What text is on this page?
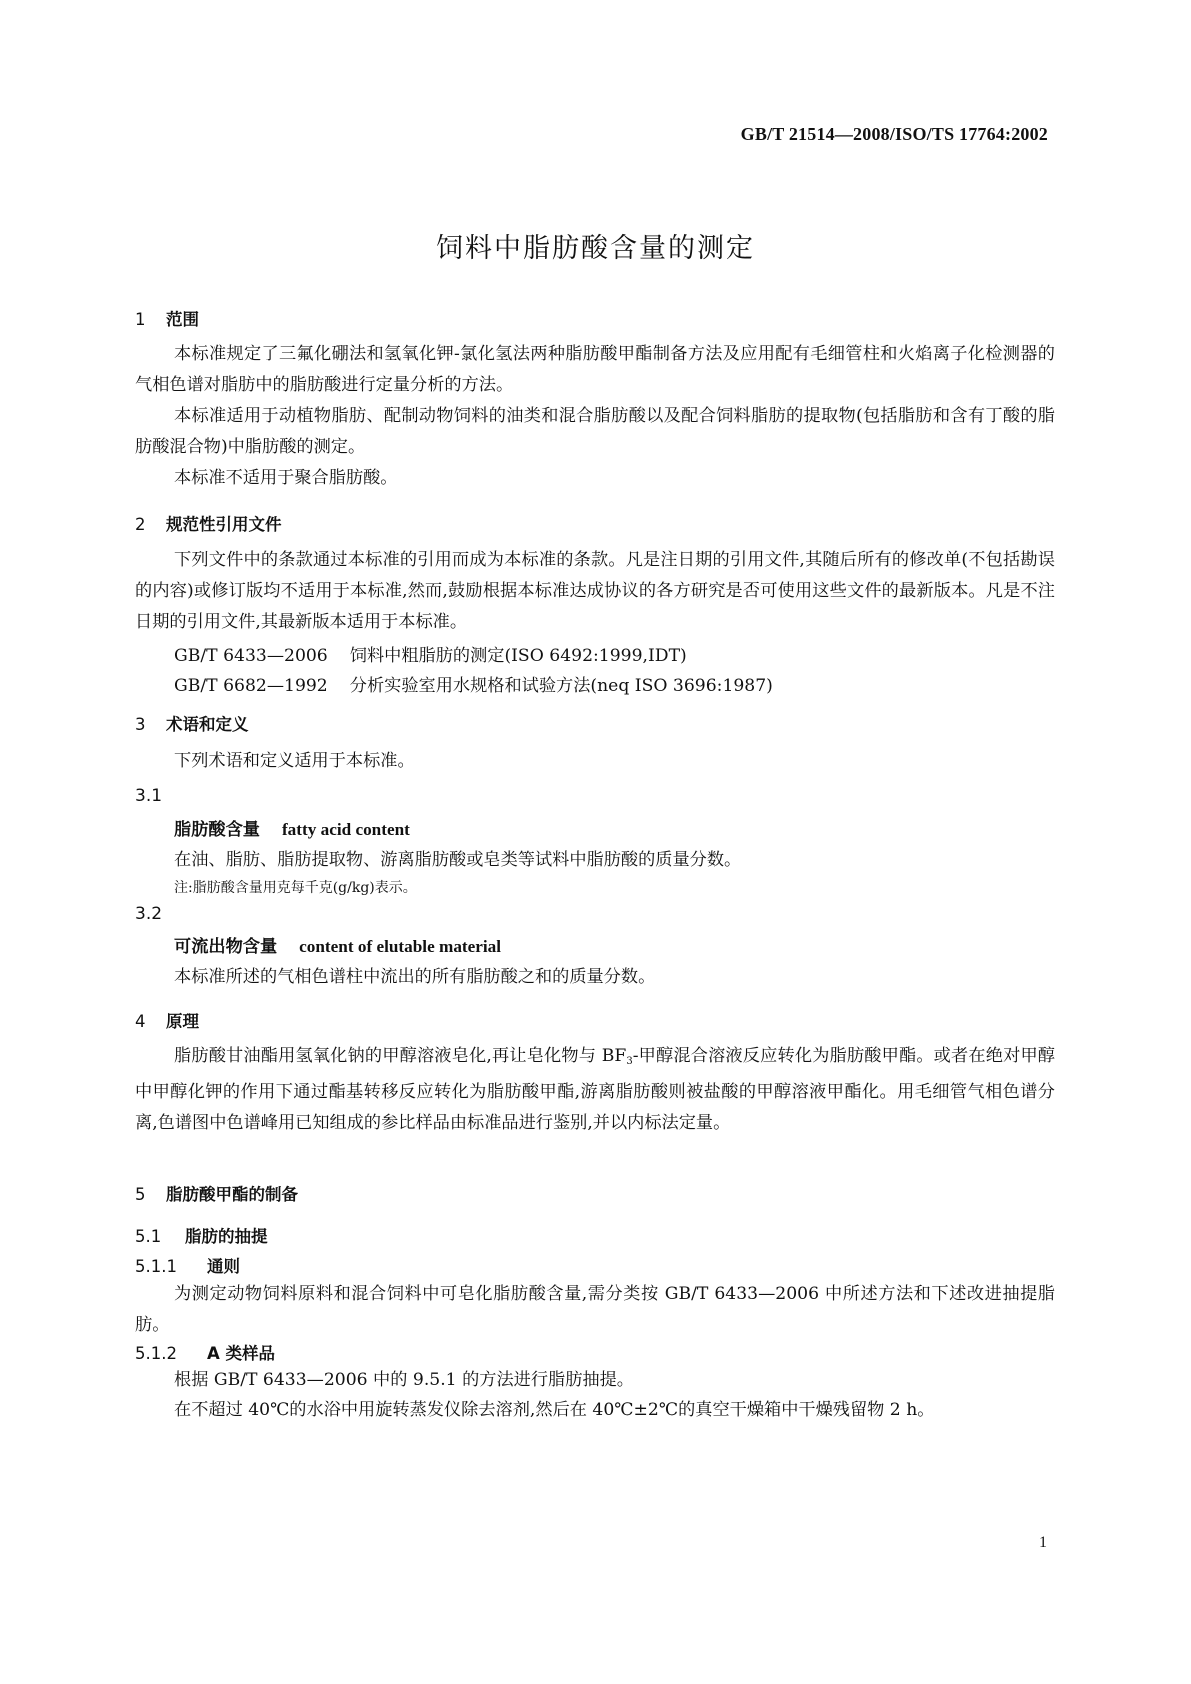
GB/T 21514—2008/ISO/TS 17764:2002
饲料中脂肪酸含量的测定
1 范围

本标准规定了三氟化硼法和氢氧化钾-氯化氢法两种脂肪酸甲酯制备方法及应用配有毛细管柱和火焰离子化检测器的气相色谱对脂肪中的脂肪酸进行定量分析的方法。

本标准适用于动植物脂肪、配制动物饲料的油类和混合脂肪酸以及配合饲料脂肪的提取物(包括脂肪和含有丁酸的脂肪酸混合物)中脂肪酸的测定。

本标准不适用于聚合脂肪酸。

2 规范性引用文件

下列文件中的条款通过本标准的引用而成为本标准的条款。凡是注日期的引用文件,其随后所有的修改单(不包括勘误的内容)或修订版均不适用于本标准,然而,鼓励根据本标准达成协议的各方研究是否可使用这些文件的最新版本。凡是不注日期的引用文件,其最新版本适用于本标准。

GB/T 6433—2006 饲料中粗脂肪的测定(ISO 6492:1999,IDT)
GB/T 6682—1992 分析实验室用水规格和试验方法(neq ISO 3696:1987)
3 术语和定义

下列术语和定义适用于本标准。

3.1
脂肪酸含量 fatty acid content
在油、脂肪、脂肪提取物、游离脂肪酸或皂类等试料中脂肪酸的质量分数。
注:脂肪酸含量用克每千克(g/kg)表示。
3.2
可流出物含量 content of elutable material
本标准所述的气相色谱柱中流出的所有脂肪酸之和的质量分数。
4 原理

脂肪酸甘油酯用氢氧化钠的甲醇溶液皂化,再让皂化物与 $BF_3-$甲醇混合溶液反应转化为脂肪酸甲酯。或者在绝对甲醇中甲醇化钾的作用下通过酯基转移反应转化为脂肪酸甲酯,游离脂肪酸则被盐酸的甲醇溶液甲酯化。用毛细管气相色谱分离,色谱图中色谱峰用已知组成的参比样品由标准品进行鉴别,并以内标法定量。

5 脂肪酸甲酯的制备
5.1 脂肪的抽提
5.1.1 通则

为测定动物饲料原料和混合饲料中可皂化脂肪酸含量,需分类按 GB/T 6433—2006 中所述方法和下述改进抽提脂肪。

5.1.2 A 类样品

根据 GB/T 6433—2006 中的 9.5.1 的方法进行脂肪抽提。

在不超过 40℃的水浴中用旋转蒸发仪除去溶剂,然后在 40℃±2℃的真空干燥箱中干燥残留物 2 h。

1
